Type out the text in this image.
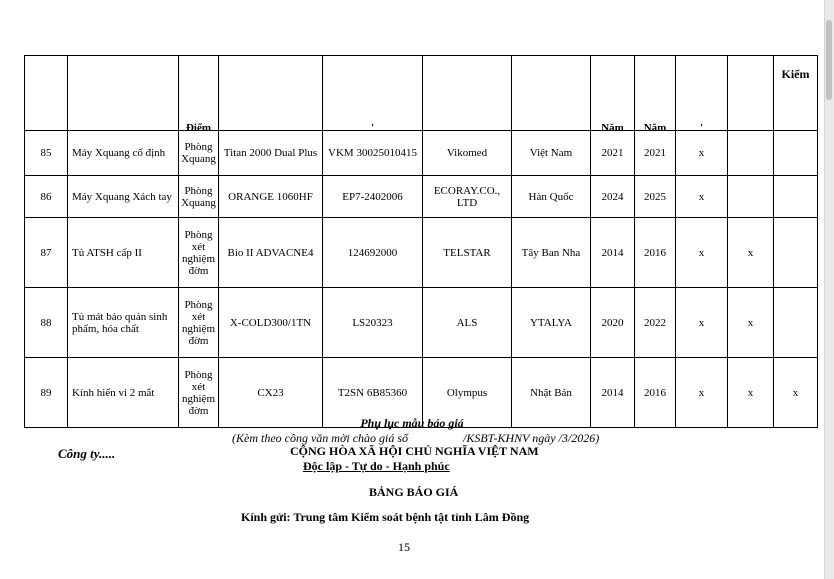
		Điểm		'			Năm	Năm	'		Kiểm

85	Máy Xquang cố định	Phòng Xquang	Titan 2000 Dual Plus	VKM 30025010415	Vikomed	Việt Nam	2021	2021	x		
86	Máy Xquang Xách tay	Phòng Xquang	ORANGE 1060HF	EP7-2402006	ECORAY.CO., LTD	Hàn Quốc	2024	2025	x		
87	Tủ ATSH cấp II	Phòng xét nghiệm đờm	Bio II ADVACNE4	124692000	TELSTAR	Tây Ban Nha	2014	2016	x	x	
88	Tủ mát bảo quản sinh phẩm, hóa chất	Phòng xét nghiệm đờm	X-COLD300/1TN	LS20323	ALS	YTALYA	2020	2022	x	x	
89	Kính hiển vi 2 mắt	Phòng xét nghiệm đờm	CX23	T2SN 6B85360	Olympus	Nhật Bản	2014	2016	x	x	x
Phụ lục mẫu báo giá
(Kèm theo công văn mời chào giá số	/KSBT-KHNV ngày /3/2026)
Công ty.....	CỘNG HÒA XÃ HỘI CHỦ NGHĨA VIỆT NAM
Độc lập - Tự do - Hạnh phúc
BẢNG BÁO GIÁ
Kính gửi: Trung tâm Kiểm soát bệnh tật tỉnh Lâm Đồng
15
